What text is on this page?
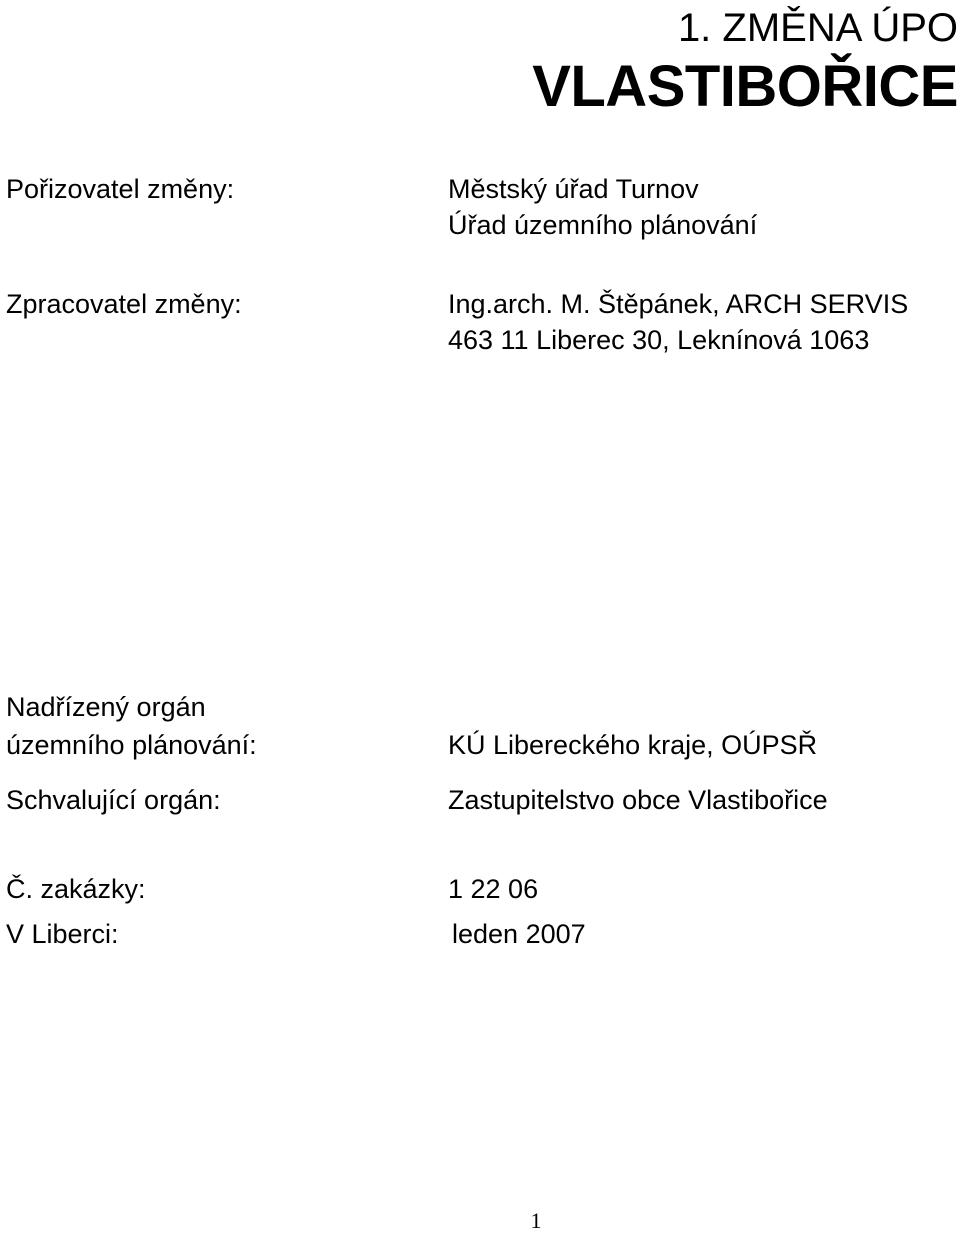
1. ZMĚNA ÚPO
VLASTIBOŘICE
Pořizovatel změny:	Městský úřad Turnov
Úřad územního plánování
Zpracovatel změny:	Ing.arch. M. Štěpánek, ARCH SERVIS
463 11 Liberec 30, Leknínová 1063
Nadřízený orgán
územního plánování:	KÚ Libereckého kraje, OÚPSŘ
Schvalující orgán:	Zastupitelstvo obce Vlastibořice
Č. zakázky:	1 22 06
V Liberci:	leden 2007
1
